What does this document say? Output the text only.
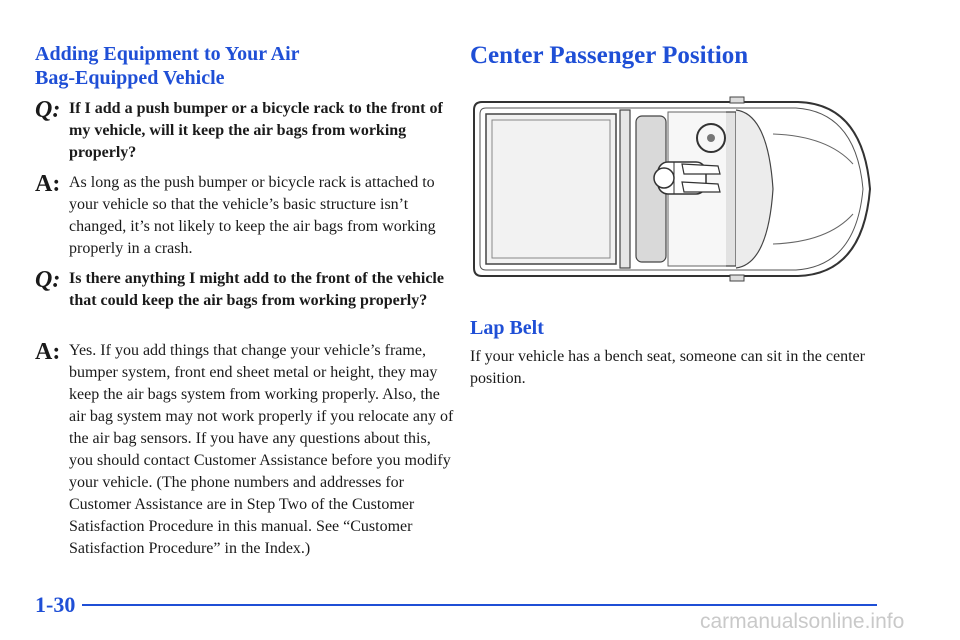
Adding Equipment to Your Air
Bag-Equipped Vehicle
Q: If I add a push bumper or a bicycle rack to the front of my vehicle, will it keep the air bags from working properly?
A: As long as the push bumper or bicycle rack is attached to your vehicle so that the vehicle’s basic structure isn’t changed, it’s not likely to keep the air bags from working properly in a crash.
Q: Is there anything I might add to the front of the vehicle that could keep the air bags from working properly?
A: Yes. If you add things that change your vehicle’s frame, bumper system, front end sheet metal or height, they may keep the air bags system from working properly. Also, the air bag system may not work properly if you relocate any of the air bag sensors. If you have any questions about this, you should contact Customer Assistance before you modify your vehicle. (The phone numbers and addresses for Customer Assistance are in Step Two of the Customer Satisfaction Procedure in this manual. See “Customer Satisfaction Procedure” in the Index.)
Center Passenger Position
Lap Belt

If your vehicle has a bench seat, someone can sit in the center position.

1-30
carmanualsonline.info
